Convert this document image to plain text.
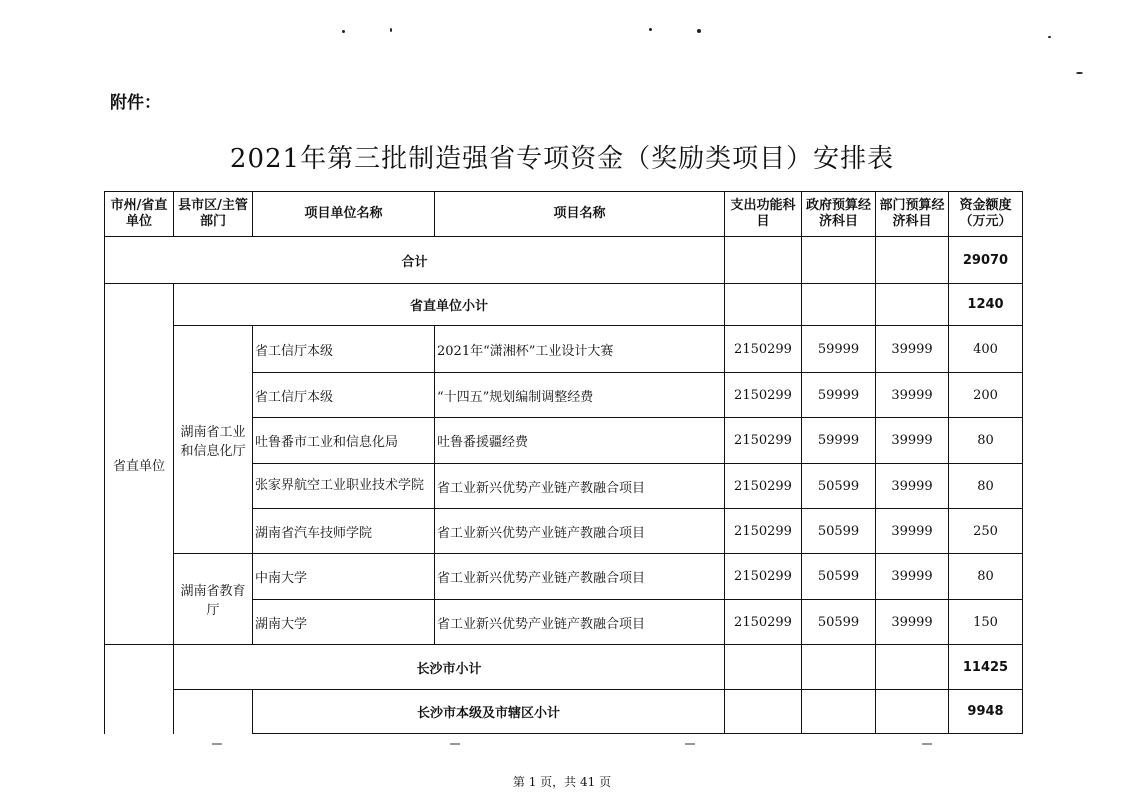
附件：
2021年第三批制造强省专项资金（奖励类项目）安排表
市州/省直单位	县市区/主管部门	项目单位名称	项目名称	支出功能科目	政府预算经济科目	部门预算经济科目	资金额度（万元）
合计							29070
省直单位	省直单位小计						1240
	湖南省工业和信息化厅	省工信厅本级	2021年“潇湘杯”工业设计大赛	2150299	59999	39999	400
		省工信厅本级	“十四五”规划编制调整经费	2150299	59999	39999	200
		吐鲁番市工业和信息化局	吐鲁番援疆经费	2150299	59999	39999	80
		张家界航空工业职业技术学院	省工业新兴优势产业链产教融合项目	2150299	50599	39999	80
		湖南省汽车技师学院	省工业新兴优势产业链产教融合项目	2150299	50599	39999	250
	湖南省教育厅	中南大学	省工业新兴优势产业链产教融合项目	2150299	50599	39999	80
		湖南大学	省工业新兴优势产业链产教融合项目	2150299	50599	39999	150
	长沙市小计						11425
		长沙市本级及市辖区小计					9948
第 1 页，共 41 页
